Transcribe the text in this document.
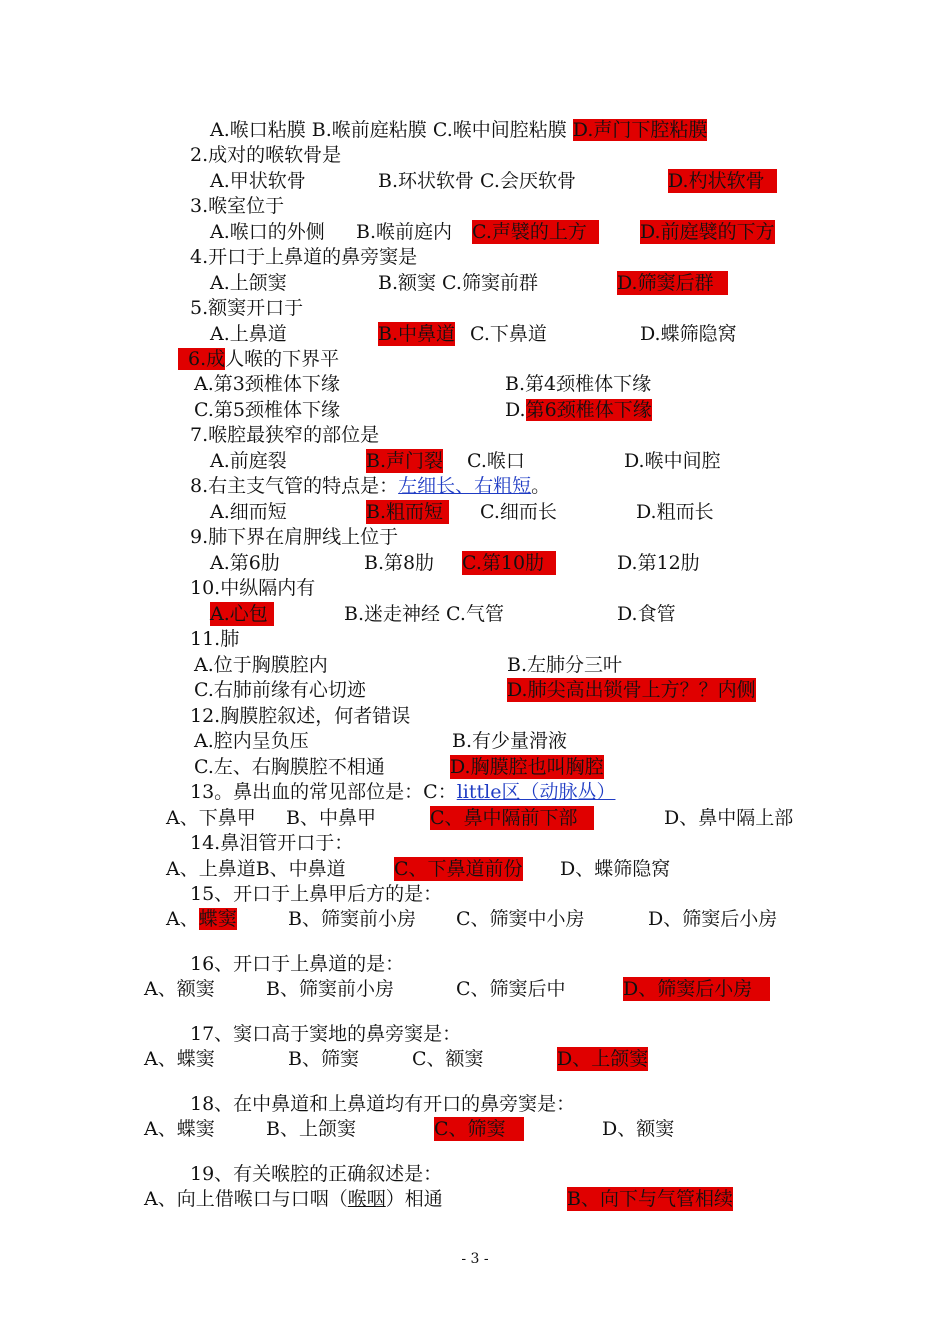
A.喉口粘膜 B.喉前庭粘膜 C.喉中间腔粘膜 D.声门下腔粘膜
2.成对的喉软骨是
A.甲状软骨	B.环状软骨 C.会厌软骨	D.杓状软骨
3.喉室位于
A.喉口的外侧 B.喉前庭内 C.声襞的上方	D.前庭襞的下方
4.开口于上鼻道的鼻旁窦是
A.上颌窦	B.额窦 C.筛窦前群	D.筛窦后群
5.额窦开口于
A.上鼻道	B.中鼻道 C.下鼻道	D.蝶筛隐窝
6.成人喉的下界平
A.第3颈椎体下缘	B.第4颈椎体下缘
C.第5颈椎体下缘	D.第6颈椎体下缘
7.喉腔最狭窄的部位是
A.前庭裂	B.声门裂 C.喉口	D.喉中间腔
8.右主支气管的特点是：左细长、右粗短。
A.细而短	B.粗而短 C.细而长	D.粗而长
9.肺下界在肩胛线上位于
A.第6肋	B.第8肋 C.第10肋	D.第12肋
10.中纵隔内有
A.心包	B.迷走神经 C.气管	D.食管
11.肺
A.位于胸膜腔内	B.左肺分三叶
C.右肺前缘有心切迹	D.肺尖高出锁骨上方？？内侧
12.胸膜腔叙述，何者错误
A.腔内呈负压	B.有少量滑液
C.左、右胸膜腔不相通	D.胸膜腔也叫胸腔
13。鼻出血的常见部位是：C：little区（动脉丛）
A、下鼻甲 B、中鼻甲	C、鼻中隔前下部	D、鼻中隔上部
14.鼻泪管开口于：
A、上鼻道B、中鼻道	C、下鼻道前份 D、蝶筛隐窝
15、开口于上鼻甲后方的是：
A、蝶窦	B、筛窦前小房 C、筛窦中小房	D、筛窦后小房
16、开口于上鼻道的是：
A、额窦	B、筛窦前小房	C、筛窦后中	D、筛窦后小房
17、窦口高于窦地的鼻旁窦是：
A、蝶窦	B、筛窦	C、额窦	D、上颌窦
18、在中鼻道和上鼻道均有开口的鼻旁窦是：
A、蝶窦	B、上颌窦	C、筛窦	D、额窦
19、有关喉腔的正确叙述是：
A、向上借喉口与口咽（喉咽）相通	B、向下与气管相续
- 3 -
